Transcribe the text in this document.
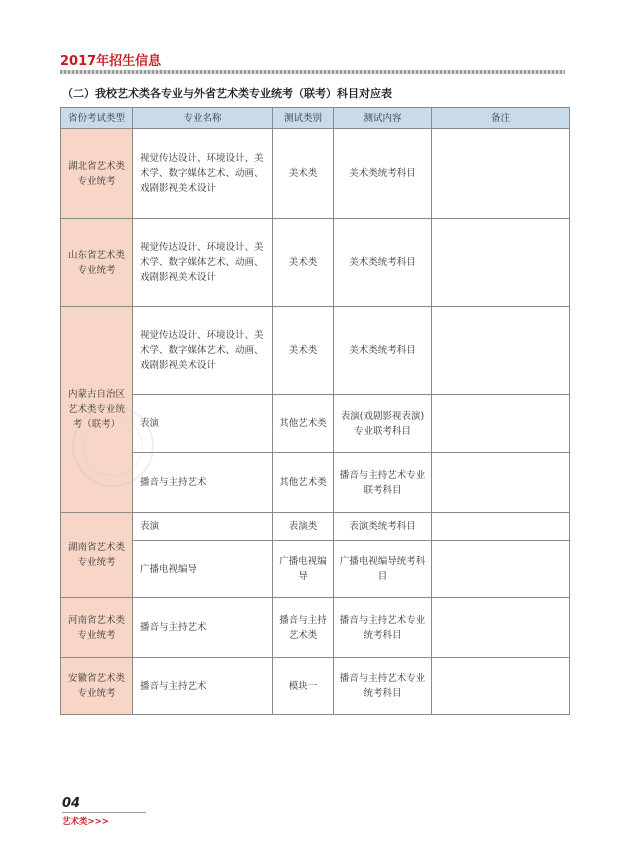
2017年招生信息
（二）我校艺术类各专业与外省艺术类专业统考（联考）科目对应表
省份考试类型	专业名称	测试类别	测试内容	备注
湖北省艺术类专业统考	视觉传达设计、环境设计、美术学、数字媒体艺术、动画、戏剧影视美术设计	美术类	美术类统考科目	
山东省艺术类专业统考	视觉传达设计、环境设计、美术学、数字媒体艺术、动画、戏剧影视美术设计	美术类	美术类统考科目	
内蒙古自治区艺术类专业统考（联考）	视觉传达设计、环境设计、美术学、数字媒体艺术、动画、戏剧影视美术设计	美术类	美术类统考科目	
	表演	其他艺术类	表演(戏剧影视表演)专业联考科目	
	播音与主持艺术	其他艺术类	播音与主持艺术专业联考科目	
湖南省艺术类专业统考	表演	表演类	表演类统考科目	
	广播电视编导	广播电视编导	广播电视编导统考科目	
河南省艺术类专业统考	播音与主持艺术	播音与主持艺术类	播音与主持艺术专业统考科目	
安徽省艺术类专业统考	播音与主持艺术	模块一	播音与主持艺术专业统考科目	
04
艺术类>>>
